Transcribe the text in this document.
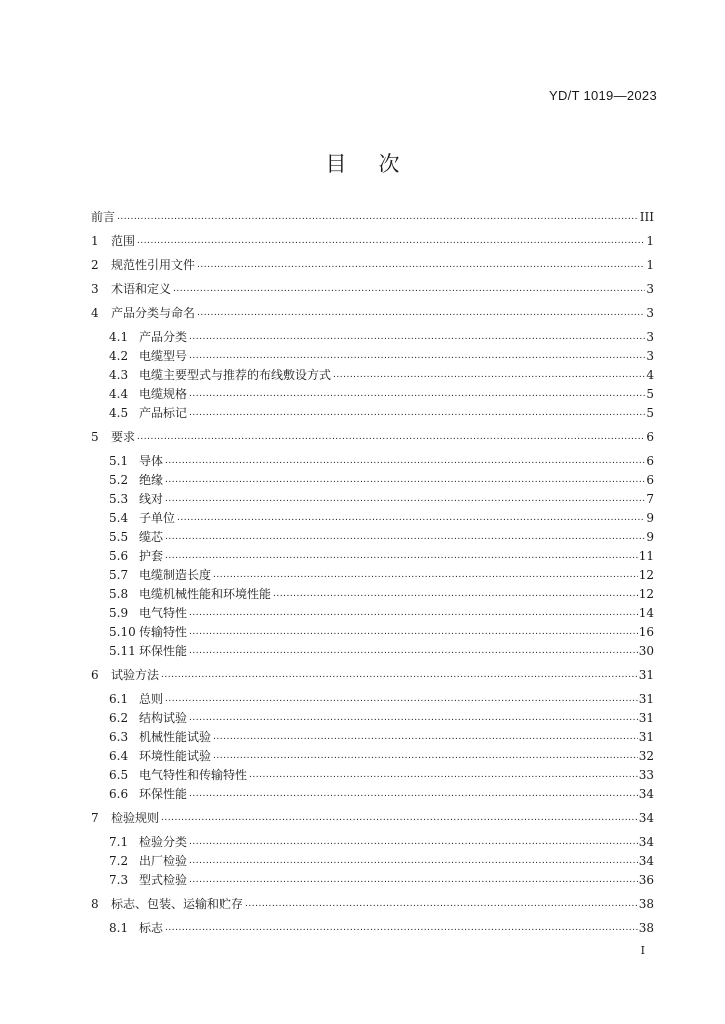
YD/T 1019—2023
目次
前言 .....	III
1	范围 .....	1
2	规范性引用文件 .....	1
3	术语和定义 .....	3
4	产品分类与命名 .....	3
4.1 产品分类 .....	3
4.2 电缆型号 .....	3
4.3 电缆主要型式与推荐的布线敷设方式 .....	4
4.4 电缆规格 .....	5
4.5 产品标记 .....	5
5	要求 .....	6
5.1 导体 .....	6
5.2 绝缘 .....	6
5.3 线对 .....	7
5.4 子单位 .....	9
5.5 缆芯 .....	9
5.6 护套 .....	11
5.7 电缆制造长度 .....	12
5.8 电缆机械性能和环境性能 .....	12
5.9 电气特性 .....	14
5.10 传输特性 .....	16
5.11 环保性能 .....	30
6	试验方法 .....	31
6.1 总则 .....	31
6.2 结构试验 .....	31
6.3 机械性能试验 .....	31
6.4 环境性能试验 .....	32
6.5 电气特性和传输特性 .....	33
6.6 环保性能 .....	34
7	检验规则 .....	34
7.1 检验分类 .....	34
7.2 出厂检验 .....	34
7.3 型式检验 .....	36
8	标志、包装、运输和贮存 .....	38
8.1 标志 .....	38
I
